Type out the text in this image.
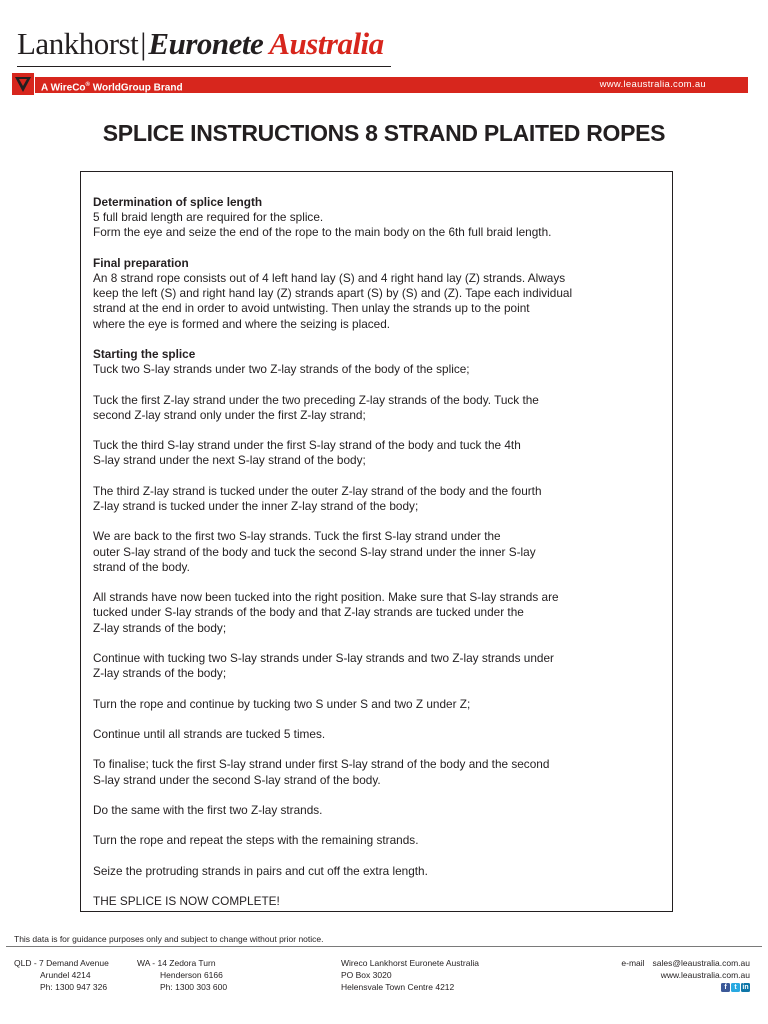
Lankhorst | Euronete Australia
A WireCo® WorldGroup Brand	www.leaustralia.com.au
SPLICE INSTRUCTIONS 8 STRAND PLAITED ROPES

Determination of splice length
5 full braid length are required for the splice.
Form the eye and seize the end of the rope to the main body on the 6th full braid length.

Final preparation
An 8 strand rope consists out of 4 left hand lay (S) and 4 right hand lay (Z) strands. Always
keep the left (S) and right hand lay (Z) strands apart (S) by (S) and (Z). Tape each individual
strand at the end in order to avoid untwisting. Then unlay the strands up to the point
where the eye is formed and where the seizing is placed.

Starting the splice
Tuck two S-lay strands under two Z-lay strands of the body of the splice;

Tuck the first Z-lay strand under the two preceding Z-lay strands of the body. Tuck the
second Z-lay strand only under the first Z-lay strand;

Tuck the third S-lay strand under the first S-lay strand of the body and tuck the 4th
S-lay strand under the next S-lay strand of the body;

The third Z-lay strand is tucked under the outer Z-lay strand of the body and the fourth
Z-lay strand is tucked under the inner Z-lay strand of the body;

We are back to the first two S-lay strands. Tuck the first S-lay strand under the
outer S-lay strand of the body and tuck the second S-lay strand under the inner S-lay
strand of the body.

All strands have now been tucked into the right position. Make sure that S-lay strands are
tucked under S-lay strands of the body and that Z-lay strands are tucked under the
Z-lay strands of the body;

Continue with tucking two S-lay strands under S-lay strands and two Z-lay strands under
Z-lay strands of the body;

Turn the rope and continue by tucking two S under S and two Z under Z;

Continue until all strands are tucked 5 times.

To finalise; tuck the first S-lay strand under first S-lay strand of the body and the second
S-lay strand under the second S-lay strand of the body.

Do the same with the first two Z-lay strands.

Turn the rope and repeat the steps with the remaining strands.

Seize the protruding strands in pairs and cut off the extra length.

THE SPLICE IS NOW COMPLETE!

This data is for guidance purposes only and subject to change without prior notice.
QLD - 7 Demand Avenue
Arundel 4214
Ph: 1300 947 326
WA - 14 Zedora Turn
Henderson 6166
Ph: 1300 303 600
Wireco Lankhorst Euronete Australia
PO Box 3020
Helensvale Town Centre 4212
e-mail sales@leaustralia.com.au
www.leaustralia.com.au
f	t in
